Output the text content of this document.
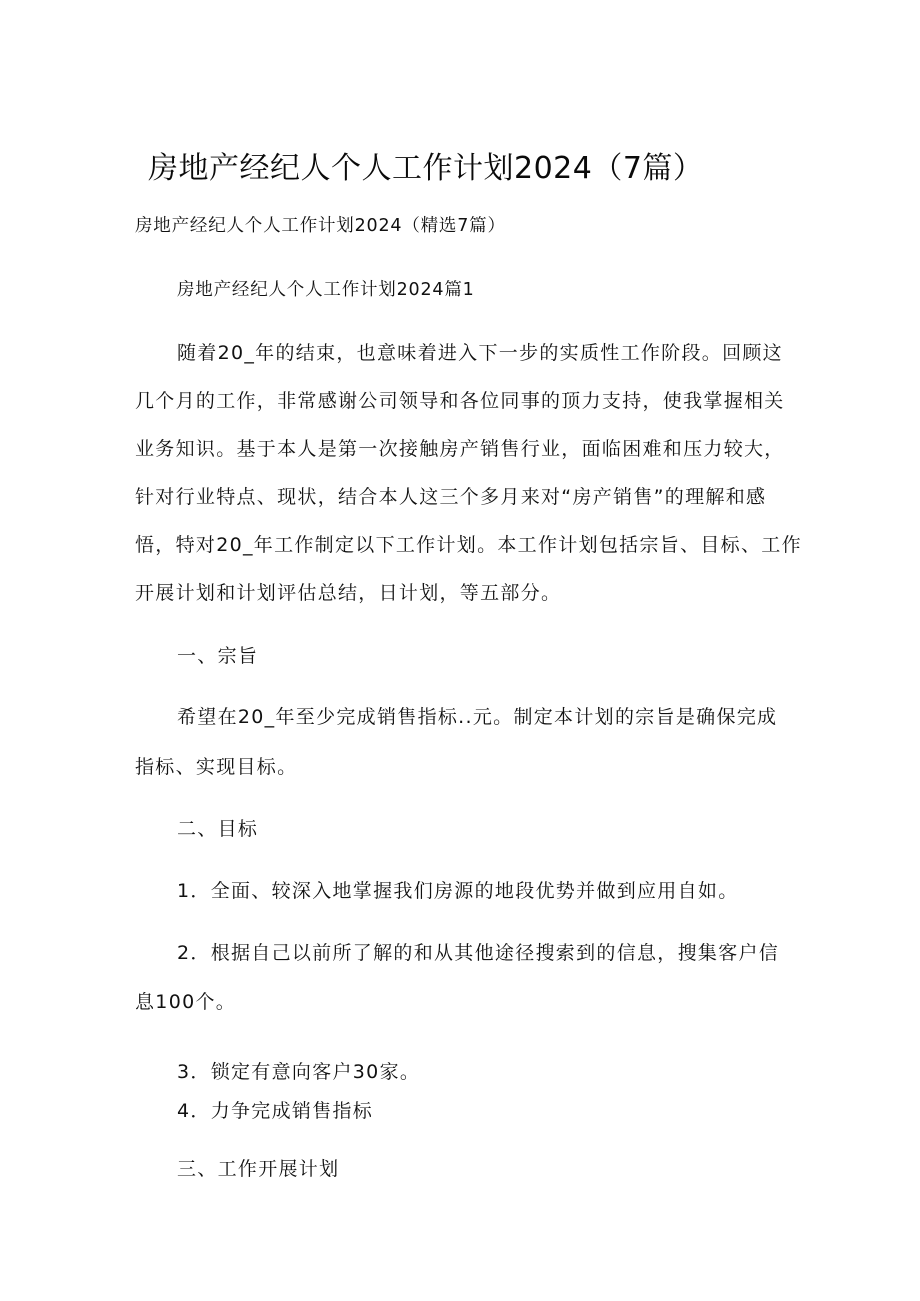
房地产经纪人个人工作计划2024（7篇）
房地产经纪人个人工作计划2024（精选7篇）
房地产经纪人个人工作计划2024篇1
随着20_年的结束，也意味着进入下一步的实质性工作阶段。回顾这
几个月的工作，非常感谢公司领导和各位同事的顶力支持，使我掌握相关
业务知识。基于本人是第一次接触房产销售行业，面临困难和压力较大，
针对行业特点、现状，结合本人这三个多月来对“房产销售”的理解和感
悟，特对20_年工作制定以下工作计划。本工作计划包括宗旨、目标、工作
开展计划和计划评估总结，日计划，等五部分。
一、宗旨
希望在20_年至少完成销售指标..元。制定本计划的宗旨是确保完成
指标、实现目标。
二、目标
1．全面、较深入地掌握我们房源的地段优势并做到应用自如。
2．根据自己以前所了解的和从其他途径搜索到的信息，搜集客户信
息100个。
3．锁定有意向客户30家。
4．力争完成销售指标
三、工作开展计划
